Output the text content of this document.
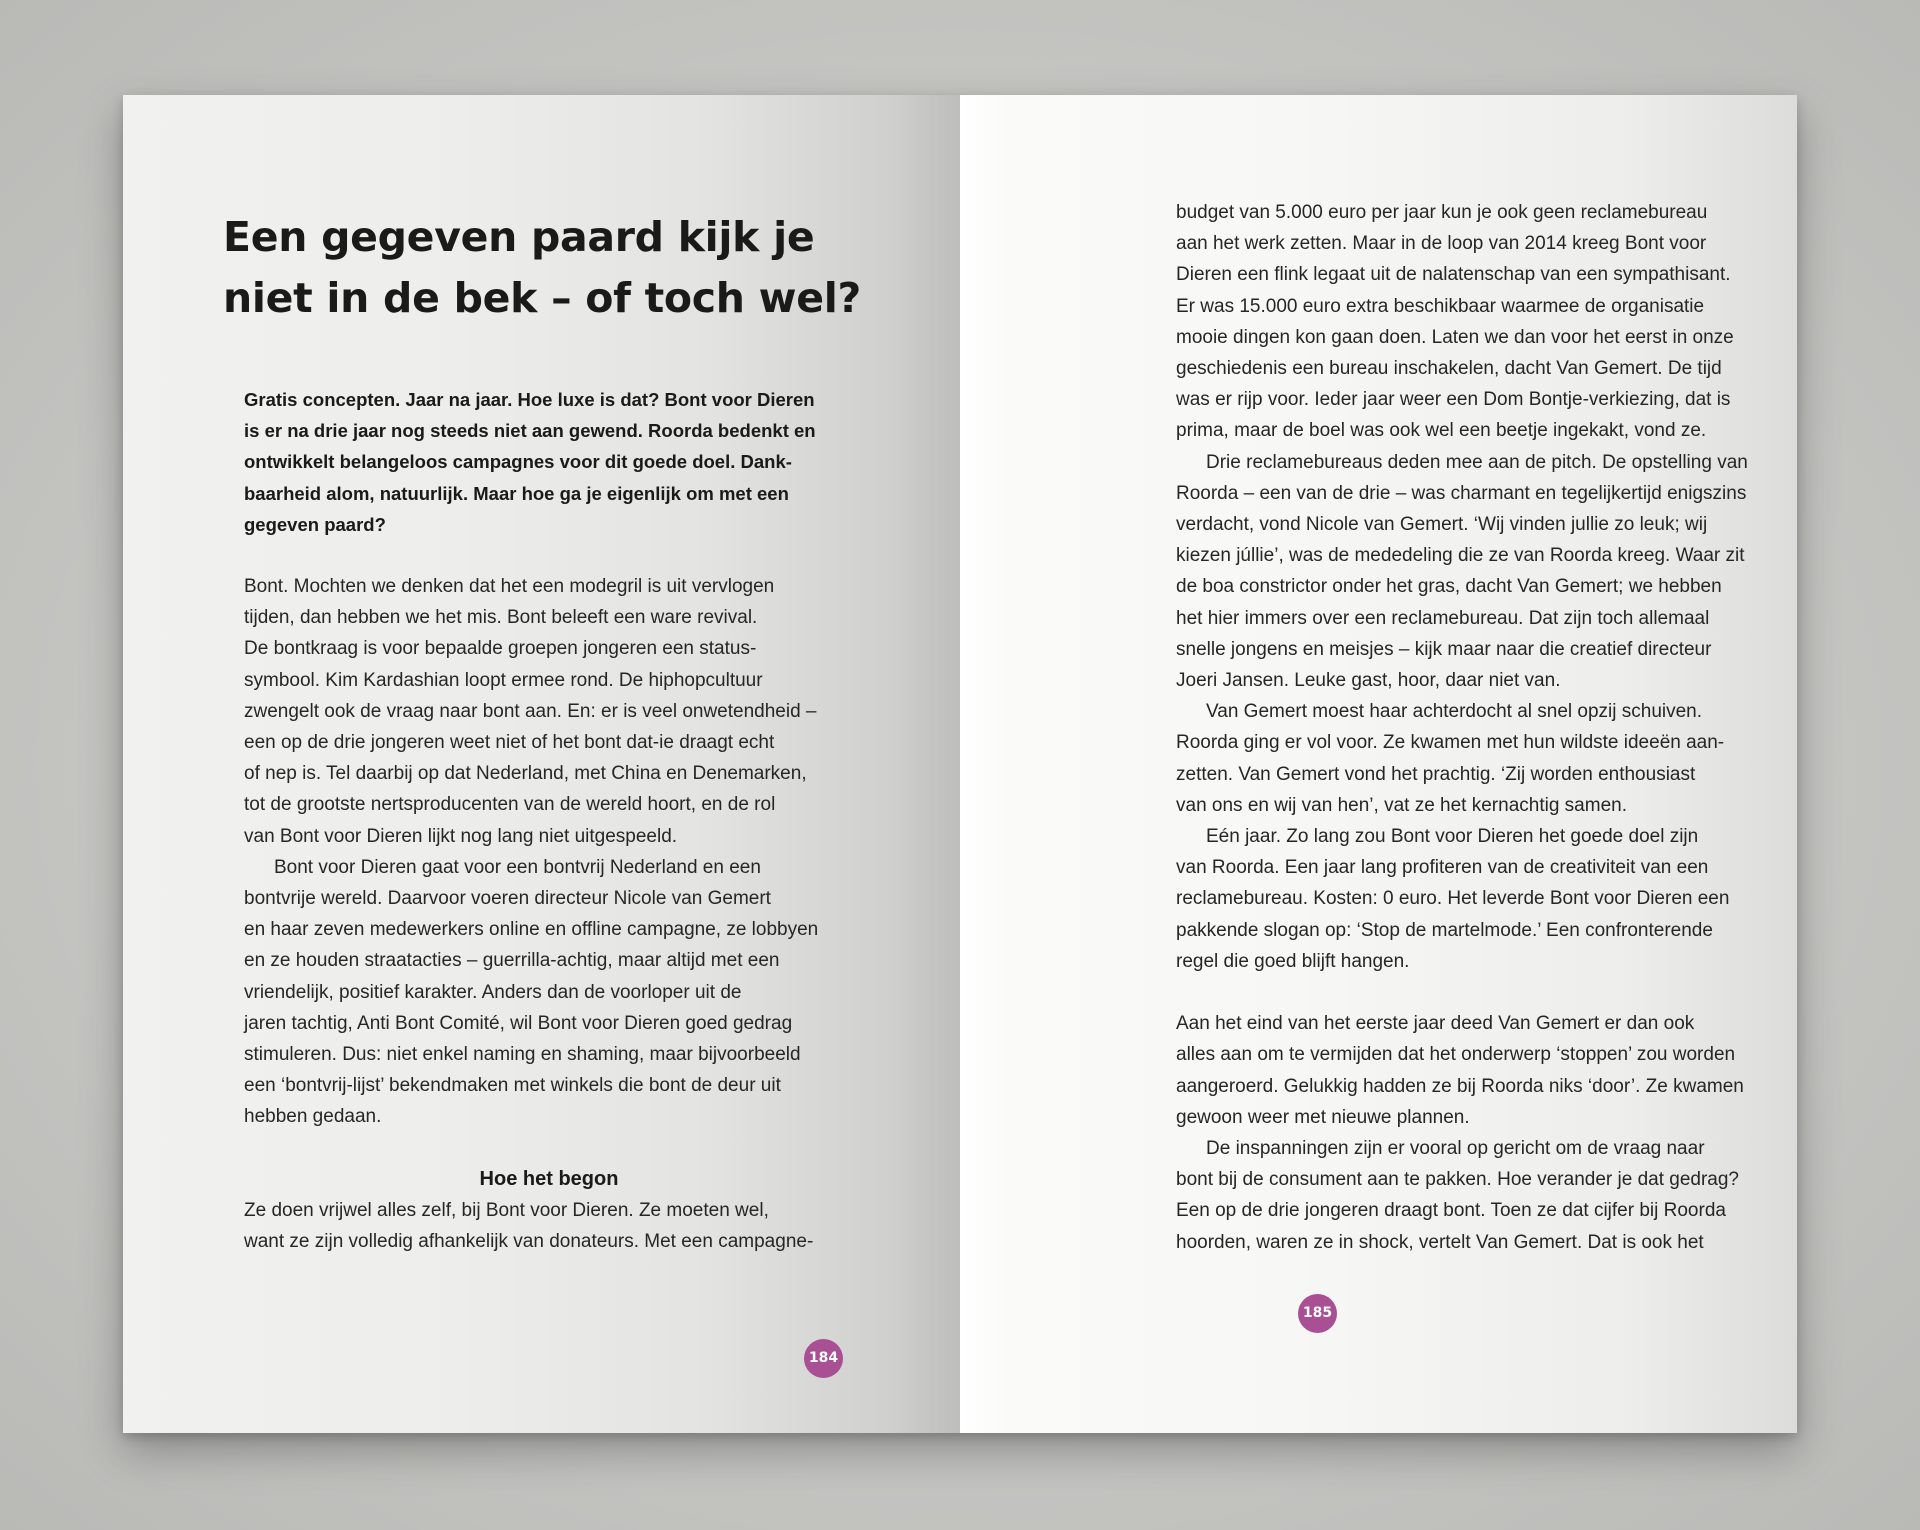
Een gegeven paard kijk je
niet in de bek – of toch wel?
Gratis concepten. Jaar na jaar. Hoe luxe is dat? Bont voor Dieren
is er na drie jaar nog steeds niet aan gewend. Roorda bedenkt en
ontwikkelt belangeloos campagnes voor dit goede doel. Dank-
baarheid alom, natuurlijk. Maar hoe ga je eigenlijk om met een
gegeven paard?

Bont. Mochten we denken dat het een modegril is uit vervlogen
tijden, dan hebben we het mis. Bont beleeft een ware revival.
De bontkraag is voor bepaalde groepen jongeren een status-
symbool. Kim Kardashian loopt ermee rond. De hiphopcultuur
zwengelt ook de vraag naar bont aan. En: er is veel onwetendheid –
een op de drie jongeren weet niet of het bont dat-ie draagt echt
of nep is. Tel daarbij op dat Nederland, met China en Denemarken,
tot de grootste nertsproducenten van de wereld hoort, en de rol
van Bont voor Dieren lijkt nog lang niet uitgespeeld.

Bont voor Dieren gaat voor een bontvrij Nederland en een
bontvrije wereld. Daarvoor voeren directeur Nicole van Gemert
en haar zeven medewerkers online en offline campagne, ze lobbyen
en ze houden straatacties – guerrilla-achtig, maar altijd met een
vriendelijk, positief karakter. Anders dan de voorloper uit de
jaren tachtig, Anti Bont Comité, wil Bont voor Dieren goed gedrag
stimuleren. Dus: niet enkel naming en shaming, maar bijvoorbeeld
een ‘bontvrij-lijst’ bekendmaken met winkels die bont de deur uit
hebben gedaan.

Hoe het begon

Ze doen vrijwel alles zelf, bij Bont voor Dieren. Ze moeten wel,
want ze zijn volledig afhankelijk van donateurs. Met een campagne-

184

budget van 5.000 euro per jaar kun je ook geen reclamebureau
aan het werk zetten. Maar in de loop van 2014 kreeg Bont voor
Dieren een flink legaat uit de nalatenschap van een sympathisant.
Er was 15.000 euro extra beschikbaar waarmee de organisatie
mooie dingen kon gaan doen. Laten we dan voor het eerst in onze
geschiedenis een bureau inschakelen, dacht Van Gemert. De tijd
was er rijp voor. Ieder jaar weer een Dom Bontje-verkiezing, dat is
prima, maar de boel was ook wel een beetje ingekakt, vond ze.

Drie reclamebureaus deden mee aan de pitch. De opstelling van
Roorda – een van de drie – was charmant en tegelijkertijd enigszins
verdacht, vond Nicole van Gemert. ‘Wij vinden jullie zo leuk; wij
kiezen júllie’, was de mededeling die ze van Roorda kreeg. Waar zit
de boa constrictor onder het gras, dacht Van Gemert; we hebben
het hier immers over een reclamebureau. Dat zijn toch allemaal
snelle jongens en meisjes – kijk maar naar die creatief directeur
Joeri Jansen. Leuke gast, hoor, daar niet van.

Van Gemert moest haar achterdocht al snel opzij schuiven.
Roorda ging er vol voor. Ze kwamen met hun wildste ideeën aan-
zetten. Van Gemert vond het prachtig. ‘Zij worden enthousiast
van ons en wij van hen’, vat ze het kernachtig samen.

Eén jaar. Zo lang zou Bont voor Dieren het goede doel zijn
van Roorda. Een jaar lang profiteren van de creativiteit van een
reclamebureau. Kosten: 0 euro. Het leverde Bont voor Dieren een
pakkende slogan op: ‘Stop de martelmode.’ Een confronterende
regel die goed blijft hangen.

Aan het eind van het eerste jaar deed Van Gemert er dan ook
alles aan om te vermijden dat het onderwerp ‘stoppen’ zou worden
aangeroerd. Gelukkig hadden ze bij Roorda niks ‘door’. Ze kwamen
gewoon weer met nieuwe plannen.

De inspanningen zijn er vooral op gericht om de vraag naar
bont bij de consument aan te pakken. Hoe verander je dat gedrag?
Een op de drie jongeren draagt bont. Toen ze dat cijfer bij Roorda
hoorden, waren ze in shock, vertelt Van Gemert. Dat is ook het

185
